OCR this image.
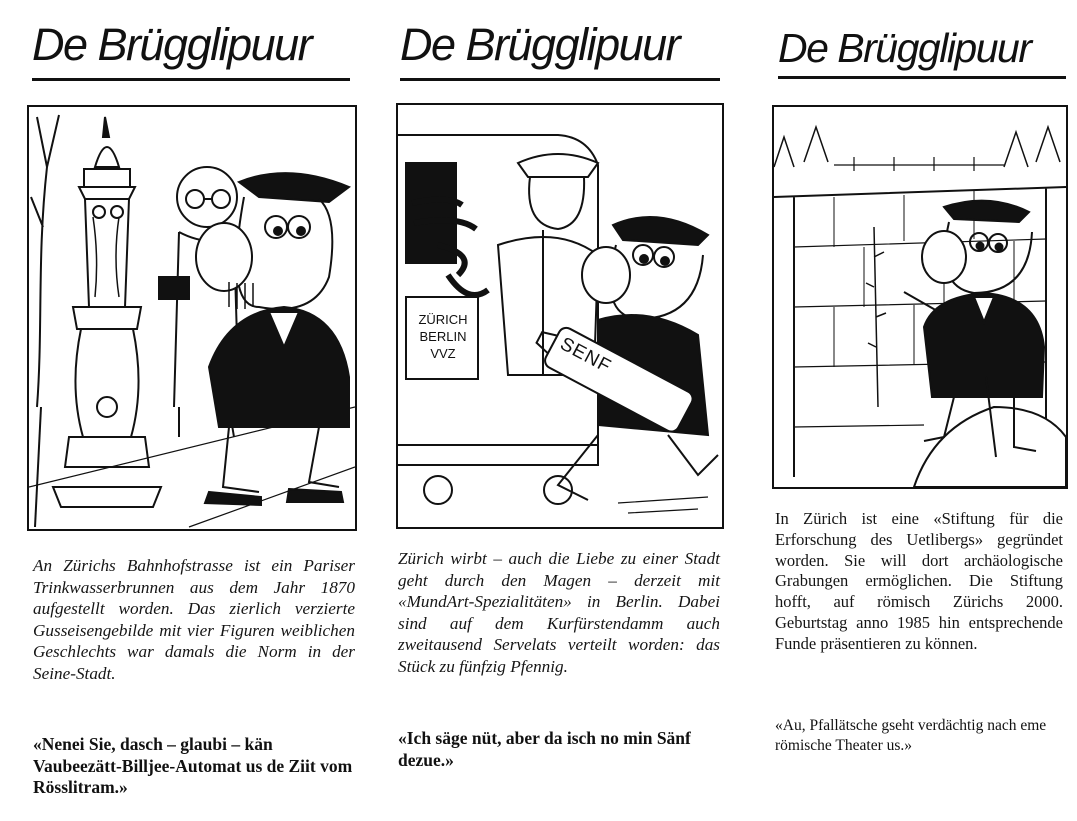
De Brügglipuur
An Zürichs Bahnhofstrasse ist ein Pariser Trinkwasserbrunnen aus dem Jahr 1870 aufgestellt worden. Das zierlich verzierte Gusseisengebilde mit vier Figuren weiblichen Geschlechts war damals die Norm in der Seine-Stadt.
«Nenei Sie, dasch – glaubi – kän Vaubeezätt-Billjee-Automat us de Ziit vom Rösslitram.»
De Brügglipuur
ZÜRICH
BERLIN
VVZ	SENF
Zürich wirbt – auch die Liebe zu einer Stadt geht durch den Magen – derzeit mit «MundArt-Spezialitäten» in Berlin. Dabei sind auf dem Kurfürstendamm auch zweitausend Servelats verteilt worden: das Stück zu fünfzig Pfennig.
«Ich säge nüt, aber da isch no min Sänf dezue.»
De Brügglipuur
In Zürich ist eine «Stiftung für die Erforschung des Uetlibergs» gegründet worden. Sie will dort archäologische Grabungen ermöglichen. Die Stiftung hofft, auf römisch Zürichs 2000. Geburtstag anno 1985 hin entsprechende Funde präsentieren zu können.
«Au, Pfallätsche gseht verdächtig nach eme römische Theater us.»
